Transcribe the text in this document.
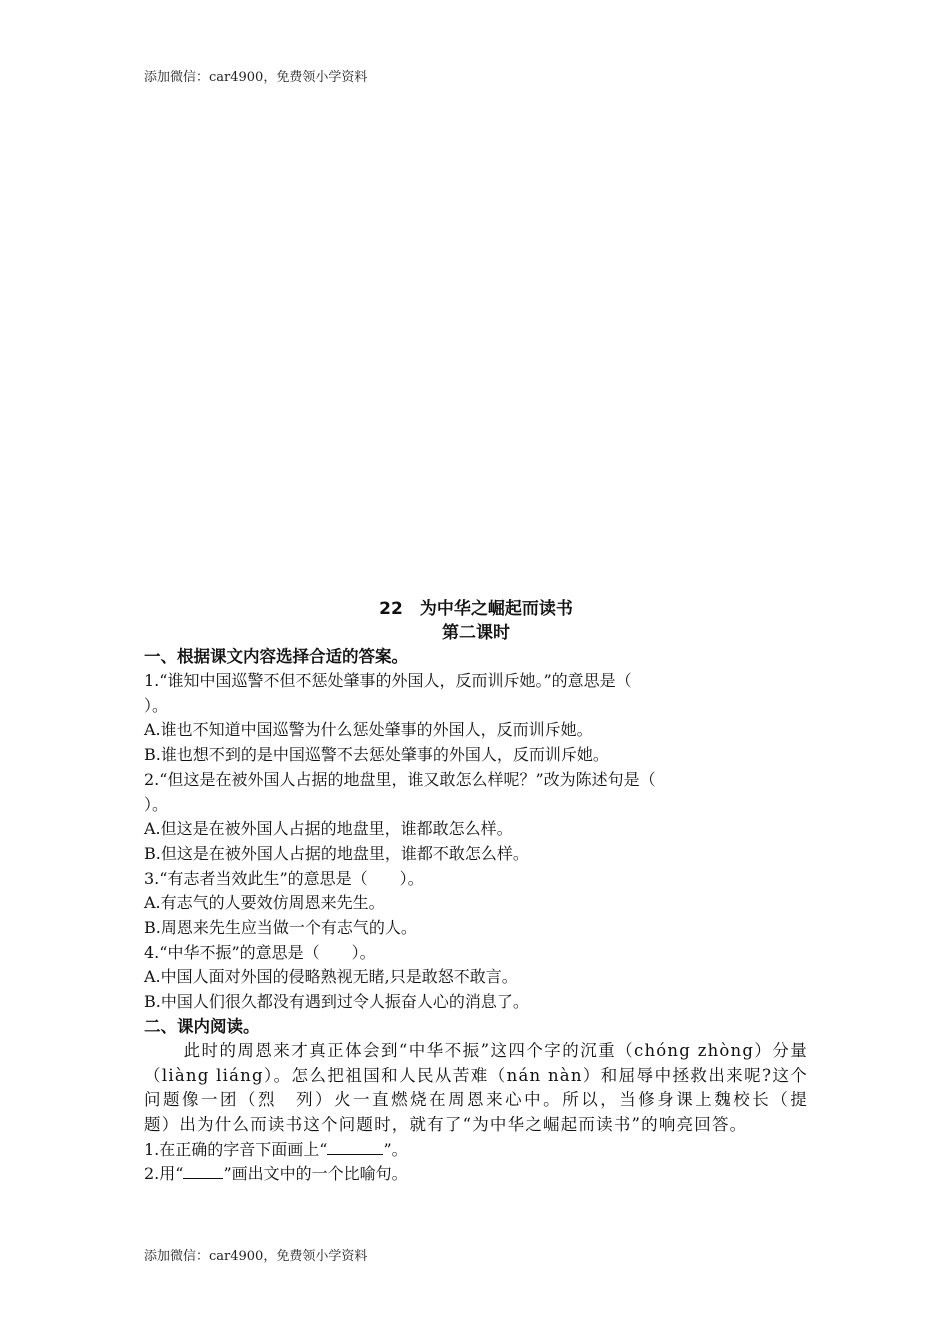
添加微信：car4900，免费领小学资料
22　为中华之崛起而读书
第二课时
一、根据课文内容选择合适的答案。
1.“谁知中国巡警不但不惩处肇事的外国人，反而训斥她。”的意思是（
）。
A.谁也不知道中国巡警为什么惩处肇事的外国人，反而训斥她。
B.谁也想不到的是中国巡警不去惩处肇事的外国人，反而训斥她。
2.“但这是在被外国人占据的地盘里，谁又敢怎么样呢？”改为陈述句是（
）。
A.但这是在被外国人占据的地盘里，谁都敢怎么样。
B.但这是在被外国人占据的地盘里，谁都不敢怎么样。
3.“有志者当效此生”的意思是（　　）。
A.有志气的人要效仿周恩来先生。
B.周恩来先生应当做一个有志气的人。
4.“中华不振”的意思是（　　）。
A.中国人面对外国的侵略熟视无睹,只是敢怒不敢言。
B.中国人们很久都没有遇到过令人振奋人心的消息了。
二、课内阅读。
此时的周恩来才真正体会到“中华不振”这四个字的沉重（chóng zhòng）分量（liàng liáng）。怎么把祖国和人民从苦难（nán nàn）和屈辱中拯救出来呢?这个问题像一团（烈　列）火一直燃烧在周恩来心中。所以，当修身课上魏校长（提　题）出为什么而读书这个问题时，就有了“为中华之崛起而读书”的响亮回答。
1.在正确的字音下面画上“	”。
2.用“	”画出文中的一个比喻句。
添加微信：car4900，免费领小学资料
